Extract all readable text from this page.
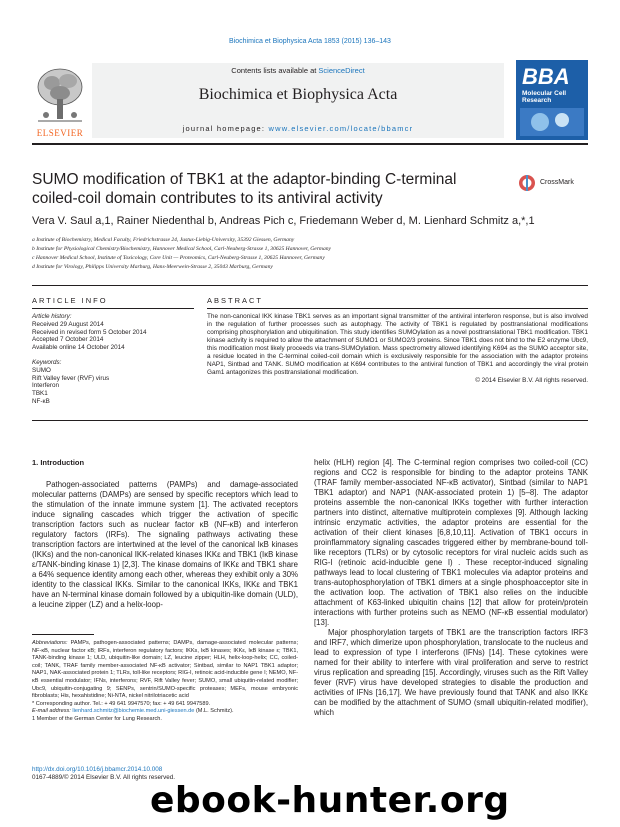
Biochimica et Biophysica Acta 1853 (2015) 136–143
Contents lists available at ScienceDirect
Biochimica et Biophysica Acta
journal homepage: www.elsevier.com/locate/bbamcr
ELSEVIER
BBA
Molecular Cell Research
SUMO modification of TBK1 at the adaptor-binding C-terminal coiled-coil domain contributes to its antiviral activity
CrossMark
Vera V. Saul a,1, Rainer Niedenthal b, Andreas Pich c, Friedemann Weber d, M. Lienhard Schmitz a,*,1
a Institute of Biochemistry, Medical Faculty, Friedrichstrasse 24, Justus-Liebig-University, 35392 Giessen, Germany
b Institute for Physiological Chemistry/Biochemistry, Hannover Medical School, Carl-Neuberg-Strasse 1, 30625 Hannover, Germany
c Hannover Medical School, Institute of Toxicology, Core Unit — Proteomics, Carl-Neuberg-Strasse 1, 30625 Hannover, Germany
d Institute for Virology, Philipps University Marburg, Hans-Meerwein-Strasse 2, 35043 Marburg, Germany
ARTICLE INFO	ABSTRACT
Article history:
Received 29 August 2014
Received in revised form 5 October 2014
Accepted 7 October 2014
Available online 14 October 2014
Keywords:
SUMO
Rift Valley fever (RVF) virus
Interferon
TBK1
NF-κB
The non-canonical IKK kinase TBK1 serves as an important signal transmitter of the antiviral interferon response, but is also involved in the regulation of further processes such as autophagy. The activity of TBK1 is regulated by posttranslational modifications comprising phosphorylation and ubiquitination. This study identifies SUMOylation as a novel posttranslational TBK1 modification. TBK1 kinase activity is required to allow the attachment of SUMO1 or SUMO2/3 proteins. Since TBK1 does not bind to the E2 enzyme Ubc9, this modification most likely proceeds via trans-SUMOylation. Mass spectrometry allowed identifying K694 as the SUMO acceptor site, a residue located in the C-terminal coiled-coil domain which is exclusively responsible for the association with the adaptor proteins NAP1, Sintbad and TANK. SUMO modification at K694 contributes to the antiviral function of TBK1 and accordingly the viral protein Gam1 antagonizes this posttranslational modification.
© 2014 Elsevier B.V. All rights reserved.
1. Introduction
Pathogen-associated patterns (PAMPs) and damage-associated molecular patterns (DAMPs) are sensed by specific receptors which lead to the stimulation of the innate immune system [1]. The activated receptors induce signaling cascades which trigger the activation of specific transcription factors such as nuclear factor κB (NF-κB) and interferon regulatory factors (IRFs). The signaling pathways activating these transcription factors are intertwined at the level of the canonical IκB kinases (IKKs) and the non-canonical IKK-related kinases IKKε and TBK1 (IκB kinase ε/TANK-binding kinase 1) [2,3]. The kinase domains of IKKε and TBK1 share a 64% sequence identity among each other, whereas they exhibit only a 30% identity to the classical IKKs. Similar to the canonical IKKs, IKKε and TBK1 have an N-terminal kinase domain followed by a ubiquitin-like domain (ULD), a leucine zipper (LZ) and a helix-loop-

helix (HLH) region [4]. The C-terminal region comprises two coiled-coil (CC) regions and CC2 is responsible for binding to the adaptor proteins TANK (TRAF family member-associated NF-κB activator), Sintbad (similar to NAP1 TBK1 adaptor) and NAP1 (NAK-associated protein 1) [5–8]. The adaptor proteins assemble the non-canonical IKKs together with further interaction partners into distinct, alternative multiprotein complexes [9]. Although lacking intrinsic enzymatic activities, the adaptor proteins are essential for the activation of their client kinases [6,8,10,11]. Activation of TBK1 occurs in proinflammatory signaling cascades triggered either by membrane-bound toll-like receptors (TLRs) or by cytosolic receptors for viral nucleic acids such as RIG-I (retinoic acid-inducible gene I) . These receptor-induced signaling pathways lead to local clustering of TBK1 molecules via adaptor proteins and trans-autophosphorylation of TBK1 dimers at a single phosphoacceptor site in the activation loop. The activation of TBK1 also relies on the inducible attachment of K63-linked ubiquitin chains [12] that allow for protein/protein interactions with further proteins such as NEMO (NF-κB essential modulator) [13].

Major phosphorylation targets of TBK1 are the transcription factors IRF3 and IRF7, which dimerize upon phosphorylation, translocate to the nucleus and lead to expression of type I interferons (IFNs) [14]. These cytokines were named for their ability to interfere with viral proliferation and serve to restrict virus replication and spreading [15]. Accordingly, viruses such as the Rift Valley fever (RVF) virus have developed strategies to disable the production and activities of IFNs [16,17]. We have previously found that TANK and also IKKε can be modified by the attachment of SUMO (small ubiquitin-related modifier), which

Abbreviations: PAMPs, pathogen-associated patterns; DAMPs, damage-associated molecular patterns; NF-κB, nuclear factor κB; IRFs, interferon regulatory factors; IKKs, IκB kinases; IKKε, IκB kinase ε; TBK1, TANK-binding kinase 1; ULD, ubiquitin-like domain; LZ, leucine zipper; HLH, helix-loop-helix; CC, coiled-coil; TANK, TRAF family member-associated NF-κB activator; Sintbad, similar to NAP1 TBK1 adaptor; NAP1, NAK-associated protein 1; TLRs, toll-like receptors; RIG-I, retinoic acid-inducible gene I; NEMO, NF-κB essential modulator; IFNs, interferons; RVF, Rift Valley fever; SUMO, small ubiquitin-related modifier; Ubc9, ubiquitin-conjugating 9; SENPs, sentrin/SUMO-specific proteases; MEFs, mouse embryonic fibroblasts; His, hexahistidine; Ni-NTA, nickel nitrilotriacetic acid
* Corresponding author. Tel.: + 49 641 9947570; fax: + 49 641 9947589.
E-mail address: lienhard.schmitz@biochemie.med.uni-giessen.de (M.L. Schmitz).
1 Member of the German Center for Lung Research.
http://dx.doi.org/10.1016/j.bbamcr.2014.10.008
0167-4889/© 2014 Elsevier B.V. All rights reserved.
ebook-hunter.org
